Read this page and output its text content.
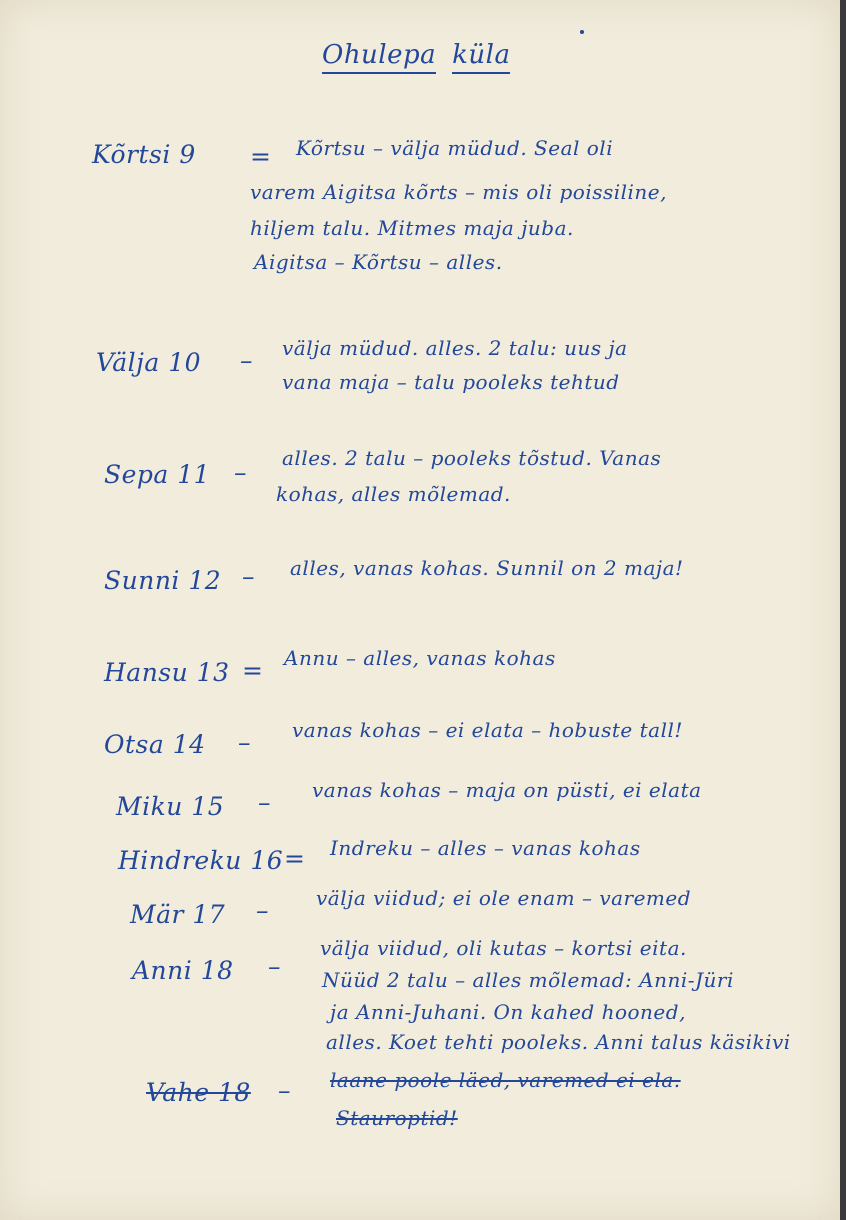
Ohulepa küla
Kõrtsi 9 = Kõrtsu – välja müdud. Seal oli
varem Aigitsa kõrts – mis oli poissiline,
hiljem talu. Mitmes maja juba.
Aigitsa – Kõrtsu – alles.
Välja 10 – välja müdud. alles. 2 talu: uus ja
vana maja – talu pooleks tehtud
Sepa 11 – alles. 2 talu – pooleks tõstud. Vanas
kohas, alles mõlemad.
Sunni 12 – alles, vanas kohas. Sunnil on 2 maja!
Hansu 13 = Annu – alles, vanas kohas
Otsa 14 – vanas kohas – ei elata – hobuste tall!
Miku 15 – vanas kohas – maja on püsti, ei elata
Hindreku 16 = Indreku – alles – vanas kohas
Mär 17 – välja viidud; ei ole enam – varemed
Anni 18 –
välja viidud, oli kutas – kortsi eita.
Nüüd 2 talu – alles mõlemad: Anni-Jüri
ja Anni-Juhani. On kahed hooned,
alles. Koet tehti pooleks. Anni talus käsikivi
Vahe 18 – laane poole läed, varemed ei ela.
Stauroptid!
